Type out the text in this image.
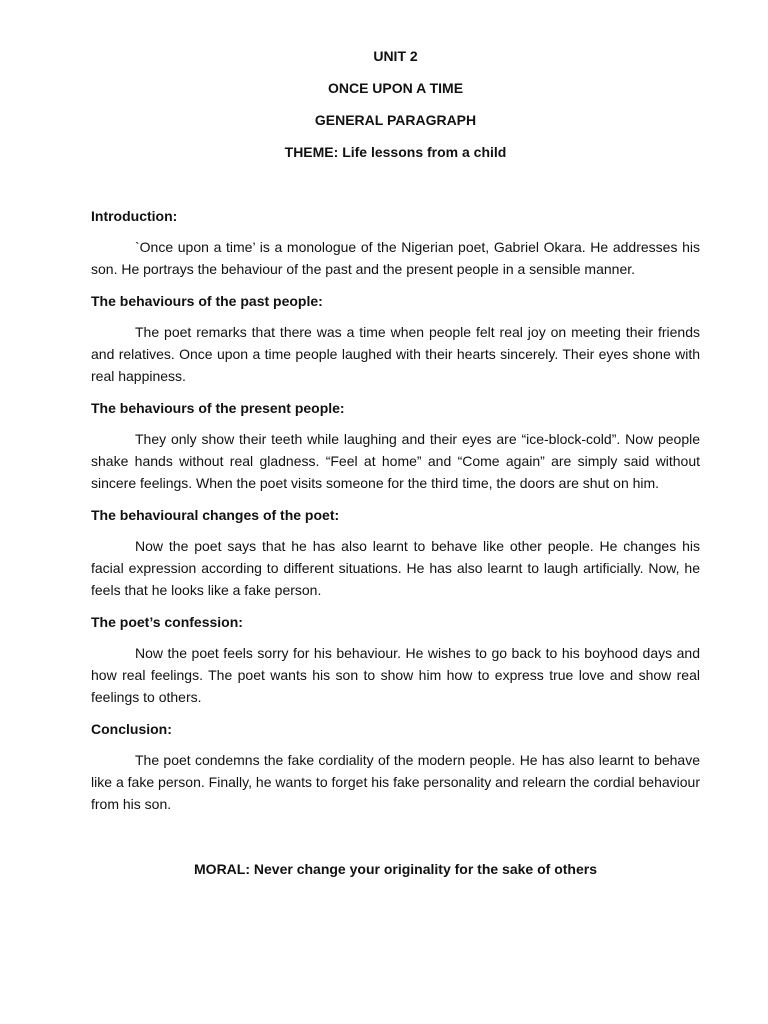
UNIT 2
ONCE UPON A TIME
GENERAL PARAGRAPH
THEME: Life lessons from a child
Introduction:
`Once upon a time’ is a monologue of the Nigerian poet, Gabriel Okara. He addresses his son. He portrays the behaviour of the past and the present people in a sensible manner.
The behaviours of the past people:
The poet remarks that there was a time when people felt real joy on meeting their friends and relatives. Once upon a time people laughed with their hearts sincerely. Their eyes shone with real happiness.
The behaviours of the present people:
They only show their teeth while laughing and their eyes are “ice-block-cold”. Now people shake hands without real gladness. “Feel at home” and “Come again” are simply said without sincere feelings. When the poet visits someone for the third time, the doors are shut on him.
The behavioural changes of the poet:
Now the poet says that he has also learnt to behave like other people. He changes his facial expression according to different situations. He has also learnt to laugh artificially. Now, he feels that he looks like a fake person.
The poet’s confession:
Now the poet feels sorry for his behaviour. He wishes to go back to his boyhood days and how real feelings. The poet wants his son to show him how to express true love and show real feelings to others.
Conclusion:
The poet condemns the fake cordiality of the modern people. He has also learnt to behave like a fake person. Finally, he wants to forget his fake personality and relearn the cordial behaviour from his son.
MORAL: Never change your originality for the sake of others
